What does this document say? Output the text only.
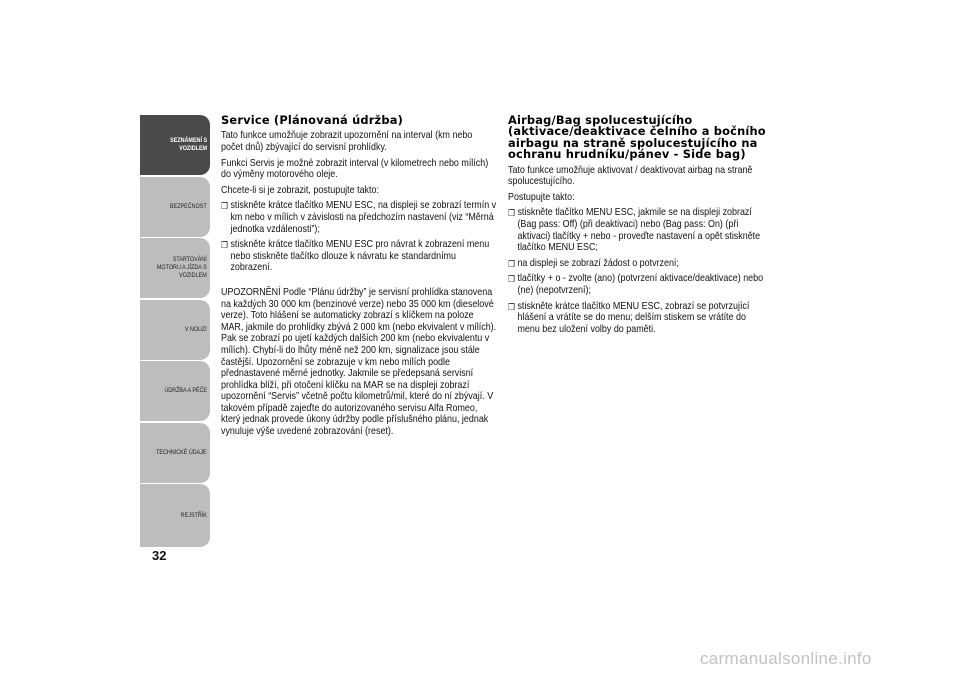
SEZNÁMENÍ S
VOZIDLEM
BEZPEČNOST
STARTOVÁNÍ
MOTORU A JÍZDA S
VOZIDLEM
V NOUZI
ÚDRŽBA A PÉČE
TECHNICKÉ ÚDAJE
REJSTŘÍK
32
Service (Plánovaná údržba)

Tato funkce umožňuje zobrazit upozornění na interval (km nebo počet dnů) zbývající do servisní prohlídky.

Funkci Servis je možné zobrazit interval (v kilometrech nebo mílích) do výměny motorového oleje.

Chcete-li si je zobrazit, postupujte takto:

❒ stiskněte krátce tlačítko MENU ESC, na displeji se zobrazí termín v km nebo v mílích v závislosti na předchozím nastavení (viz “Měrná jednotka vzdálenosti”);
❒ stiskněte krátce tlačítko MENU ESC pro návrat k zobrazení menu nebo stiskněte tlačítko dlouze k návratu ke standardnímu zobrazení.

UPOZORNĚNÍ Podle “Plánu údržby” je servisní prohlídka stanovena na každých 30 000 km (benzinové verze) nebo 35 000 km (dieselové verze). Toto hlášení se automaticky zobrazí s klíčkem na poloze MAR, jakmile do prohlídky zbývá 2 000 km (nebo ekvivalent v mílích).

Pak se zobrazí po ujetí každých dalších 200 km (nebo ekvivalentu v mílích). Chybí-li do lhůty méně než 200 km, signalizace jsou stále častější. Upozornění se zobrazuje v km nebo mílích podle přednastavené měrné jednotky. Jakmile se předepsaná servisní prohlídka blíží, při otočení klíčku na MAR se na displeji zobrazí upozornění “Servis” včetně počtu kilometrů/mil, které do ní zbývají. V takovém případě zajeďte do autorizovaného servisu Alfa Romeo, který jednak provede úkony údržby podle příslušného plánu, jednak vynuluje výše uvedené zobrazování (reset).

Airbag/Bag spolucestujícího (aktivace/deaktivace čelního a bočního airbagu na straně spolucestujícího na ochranu hrudníku/pánev - Side bag)

Tato funkce umožňuje aktivovat / deaktivovat airbag na straně spolucestujícího.

Postupujte takto:

❒ stiskněte tlačítko MENU ESC, jakmile se na displeji zobrazí (Bag pass: Off) (při deaktivaci) nebo (Bag pass: On) (při aktivaci) tlačítky + nebo - proveďte nastavení a opět stiskněte tlačítko MENU ESC;
❒ na displeji se zobrazí žádost o potvrzení;
❒ tlačítky + o - zvolte (ano) (potvrzení aktivace/deaktivace) nebo (ne) (nepotvrzení);
❒ stiskněte krátce tlačítko MENU ESC, zobrazí se potvrzující hlášení a vrátíte se do menu; delším stiskem se vrátíte do menu bez uložení volby do paměti.
carmanualsonline.info
